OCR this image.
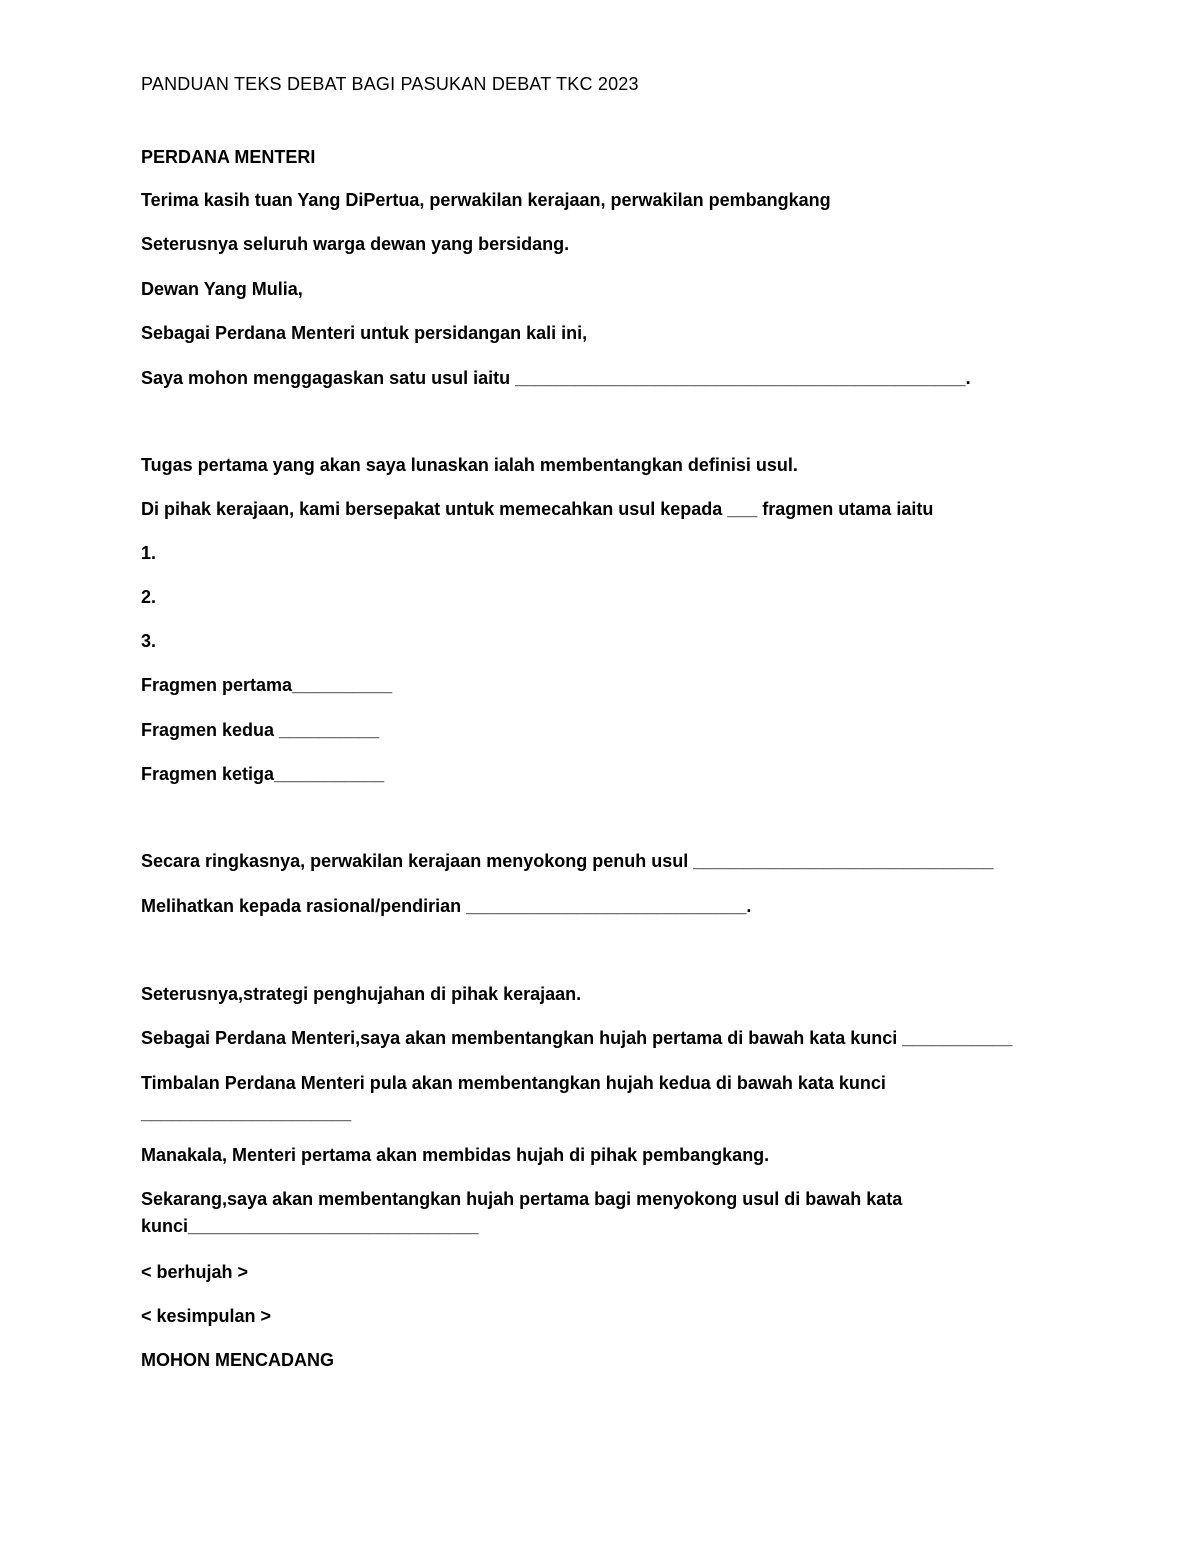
PANDUAN TEKS DEBAT BAGI PASUKAN DEBAT TKC 2023
PERDANA MENTERI
Terima kasih tuan Yang DiPertua, perwakilan kerajaan, perwakilan pembangkang
Seterusnya seluruh warga dewan yang bersidang.
Dewan Yang Mulia,
Sebagai Perdana Menteri untuk persidangan kali ini,
Saya mohon menggagaskan satu usul iaitu _____________________________________________.
Tugas pertama yang akan saya lunaskan ialah membentangkan definisi usul.
Di pihak kerajaan, kami bersepakat untuk memecahkan usul kepada ___ fragmen utama iaitu
1.
2.
3.
Fragmen pertama__________
Fragmen kedua __________
Fragmen ketiga___________
Secara ringkasnya, perwakilan kerajaan menyokong penuh usul ______________________________
Melihatkan kepada rasional/pendirian ____________________________.
Seterusnya,strategi penghujahan di pihak kerajaan.
Sebagai Perdana Menteri,saya akan membentangkan hujah pertama di bawah kata kunci ___________
Timbalan Perdana Menteri pula akan membentangkan hujah kedua di bawah kata kunci
_____________________
Manakala, Menteri pertama akan membidas hujah di pihak pembangkang.
Sekarang,saya akan membentangkan hujah pertama bagi menyokong usul di bawah kata
kunci_____________________________
< berhujah >
< kesimpulan >
MOHON MENCADANG
